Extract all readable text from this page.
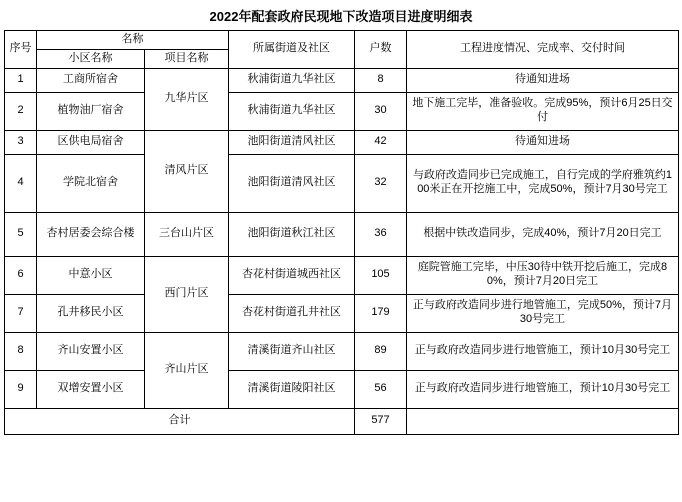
2022年配套政府民现地下改造项目进度明细表
序号	名称		所属街道及社区	户数	工程进度情况、完成率、交付时间
	小区名称	项目名称			
1	工商所宿舍	九华片区	秋浦街道九华社区	8	待通知进场
2	植物油厂宿舍		秋浦街道九华社区	30	地下施工完毕，准备验收。完成95%，预计6月25日交付
3	区供电局宿舍	清风片区	池阳街道清风社区	42	待通知进场
4	学院北宿舍		池阳街道清风社区	32	与政府改造同步已完成施工，自行完成的学府雅筑约100米正在开挖施工中，完成50%，预计7月30号完工
5	杏村居委会综合楼	三台山片区	池阳街道秋江社区	36	根据中铁改造同步，完成40%，预计7月20日完工
6	中意小区	西门片区	杏花村街道城西社区	105	庭院管施工完毕，中压30待中铁开挖后施工，完成80%，预计7月20日完工
7	孔井移民小区		杏花村街道孔井社区	179	正与政府改造同步进行地管施工，完成50%，预计7月30号完工
8	齐山安置小区	齐山片区	清溪街道齐山社区	89	正与政府改造同步进行地管施工，预计10月30号完工
9	双增安置小区		清溪街道陵阳社区	56	正与政府改造同步进行地管施工，预计10月30号完工
合计				577	
